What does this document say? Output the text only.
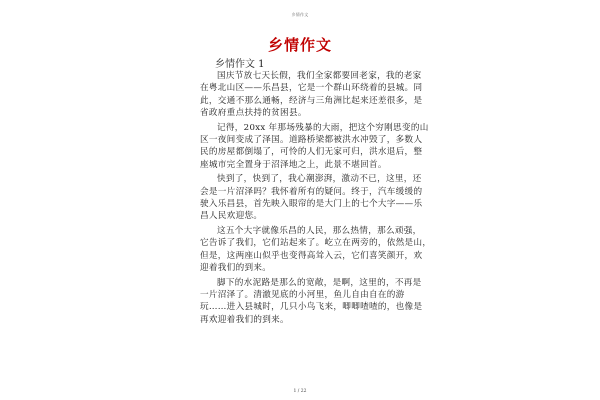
乡情作文
乡情作文
乡情作文 1
国庆节放七天长假，我们全家都要回老家，我的老家
在粤北山区——乐昌县，它是一个群山环绕着的县城。同
此，交通不那么通畅，经济与三角洲比起来还差很多，是
省政府重点扶持的贫困县。
记得，20xx 年那场残暴的大雨，把这个穷刚思变的山
区一夜间变成了泽国。道路桥梁都被洪水冲毁了，多数人
民的房屋都倒塌了，可怜的人们无家可归，洪水退后，整
座城市完全置身于沼泽地之上，此景不堪回首。
快到了，快到了，我心潮澎湃，激动不已，这里，还
会是一片沼泽吗？我怀着所有的疑问。终于，汽车缓缓的
驶入乐昌县，首先映入眼帘的是大门上的七个大字——乐
昌人民欢迎您。
这五个大字就像乐昌的人民，那么热情，那么顽强，
它告诉了我们，它们站起来了。屹立在两旁的，依然是山，
但是，这两座山似乎也变得高耸入云，它们喜笑颜开，欢
迎着我们的到来。
脚下的水泥路是那么的宽敞，是啊，这里的，不再是
一片沼泽了。清澈见底的小河里，鱼儿自由自在的游
玩……进入县城时，几只小鸟飞来，唧唧喳喳的，也像是
再欢迎着我们的到来。
1 / 22
